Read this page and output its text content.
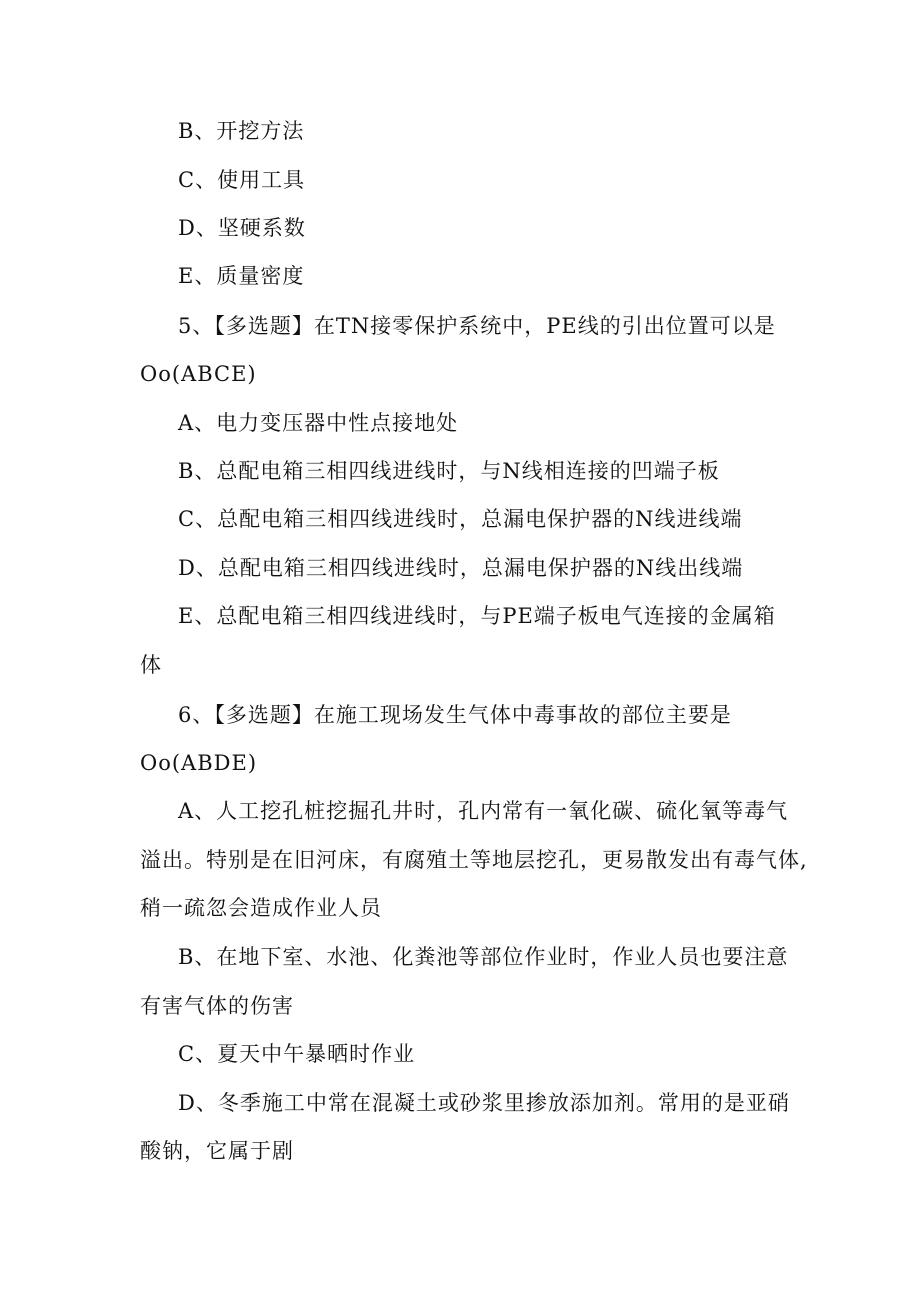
B、开挖方法
C、使用工具
D、坚硬系数
E、质量密度
5、【多选题】在TN接零保护系统中，PE线的引出位置可以是
Oo(ABCE)
A、电力变压器中性点接地处
B、总配电箱三相四线进线时，与N线相连接的凹端子板
C、总配电箱三相四线进线时，总漏电保护器的N线进线端
D、总配电箱三相四线进线时，总漏电保护器的N线出线端
E、总配电箱三相四线进线时，与PE端子板电气连接的金属箱
体
6、【多选题】在施工现场发生气体中毒事故的部位主要是
Oo(ABDE)
A、人工挖孔桩挖掘孔井时，孔内常有一氧化碳、硫化氧等毒气
溢出。特别是在旧河床，有腐殖土等地层挖孔，更易散发出有毒气体,
稍一疏忽会造成作业人员
B、在地下室、水池、化粪池等部位作业时，作业人员也要注意
有害气体的伤害
C、夏天中午暴晒时作业
D、冬季施工中常在混凝土或砂浆里掺放添加剂。常用的是亚硝
酸钠，它属于剧
